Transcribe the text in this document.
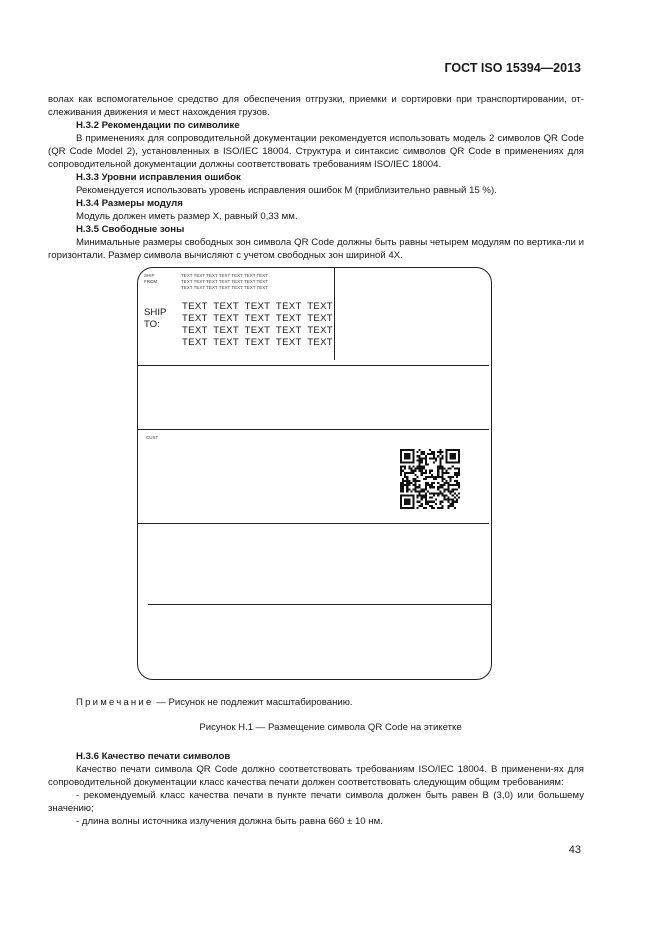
ГОСТ ISO 15394—2013

волах как вспомогательное средство для обеспечения отгрузки, приемки и сортировки при транспортировании, от-слеживания движения и мест нахождения грузов.

Н.3.2 Рекомендации по символике

В применениях для сопроводительной документации рекомендуется использовать модель 2 символов QR Code (QR Code Model 2), установленных в ISO/IEC 18004. Структура и синтаксис символов QR Code в применениях для сопроводительной документации должны соответствовать требованиям ISO/IEC 18004.

Н.3.3 Уровни исправления ошибок

Рекомендуется использовать уровень исправления ошибок М (приблизительно равный 15 %).

Н.3.4 Размеры модуля

Модуль должен иметь размер X, равный 0,33 мм.

Н.3.5 Свободные зоны

Минимальные размеры свободных зон символа QR Code должны быть равны четырем модулям по вертика-ли и горизонтали. Размер символа вычисляют с учетом свободных зон шириной 4X.

SHIP
FROM
TEXT TEXT TEXT TEXT TEXT TEXT TEXT
TEXT TEXT TEXT TEXT TEXT TEXT TEXT
TEXT TEXT TEXT TEXT TEXT TEXT TEXT
SHIP
TO:
TEXT  TEXT  TEXT  TEXT  TEXT
TEXT  TEXT  TEXT  TEXT  TEXT
TEXT  TEXT  TEXT  TEXT  TEXT
TEXT  TEXT  TEXT  TEXT  TEXT
CUST
Примечание — Рисунок не подлежит масштабированию.
Рисунок Н.1 — Размещение символа QR Code на этикетке

Н.3.6 Качество печати символов

Качество печати символа QR Code должно соответствовать требованиям ISO/IEC 18004. В применени-ях для сопроводительной документации класс качества печати должен соответствовать следующим общим требованиям:

- рекомендуемый класс качества печати в пункте печати символа должен быть равен В (3,0) или большему значению;

- длина волны источника излучения должна быть равна 660 ± 10 нм.

43
